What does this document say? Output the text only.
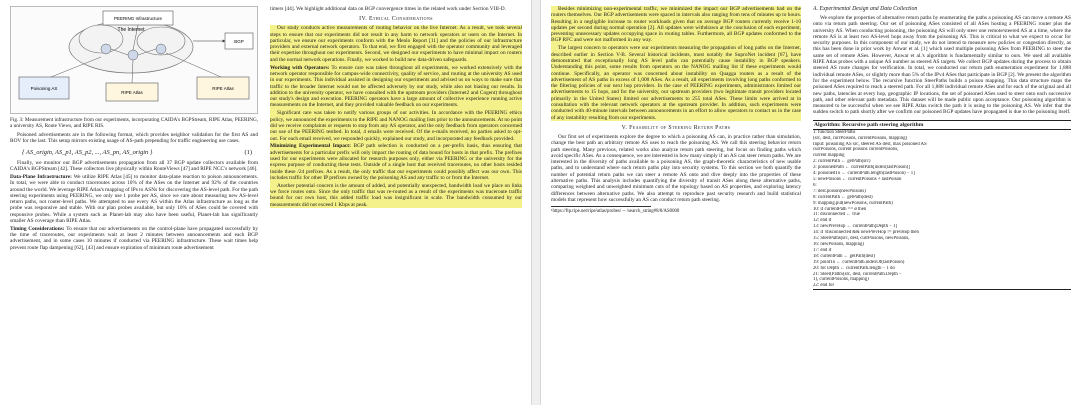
PEERING Infrastructure
The Internet
Poisoning AS
RIPE Atlas
RIPE Atlas
BGP
Fig. 3: Measurement infrastructure from our experiments, incorporating CAIDA's BGPStream, RIPE Atlas, PEERING, a university AS, Route Views, and RIPE RIS.

Poisoned advertisements are in the following format, which provides neighbor validation for the first AS and ROV for the last. This setup mirrors existing usage of AS-path prepending for traffic engineering use cases.

{ AS_origin, AS_p1, AS_p2, ..., AS_pn, AS_origin }	(1)

Finally, we monitor our BGP advertisements propagation from all 37 BGP update collectors available from CAIDA's BGPStream [42]. These collectors live physically within RouteViews [47] and RIPE NCC's network [46].

Data-Plane Infrastructure: We utilize RIPE Atlas [45] to monitor data-plane reaction to poison announcements. In total, we were able to conduct traceroutes across 10% of the ASes on the Internet and 92% of the countries around the world. We leverage RIPE Atlas's mapping of IPs to ASNs for discovering the AS-level path. For the path steering experiments using PEERING, we only use 1 probe per AS, since we care about measuring new AS-level return paths, not router-level paths. We attempted to use every AS within the Atlas infrastructure as long as the probe was responsive and stable. With our plan probes available, but only 10% of ASes could be covered with responsive probes. While a system such as Planet-lab may also have been useful, Planet-lab has significantly smaller AS coverage than RIPE Atlas.

Timing Considerations: To ensure that our advertisements on the control-plane have propagated successfully by the time of traceroutes, our experiments wait at least 2 minutes between announcements and each BGP advertisement, and in some cases 10 minutes if conducted via PEERING infrastructure. These wait times help prevent route flap dampening [62], [43] and ensure expiration of minimum route advertisement

timers [44]. We highlight additional data on BGP convergence times in the related work under Section VIII-D.

IV. Ethical Considerations

Our study conducts active measurements of routing behavior on the live Internet. As a result, we took several steps to ensure that our experiments did not result in any harm to network operators or users on the Internet. In particular, we ensure our experiments conform with the Menlo Report [11] and the policies of our infrastructure providers and external network operators. To that end, we first engaged with the operator community and leveraged their expertise throughout our experiments. Second, we designed our experiments to have minimal impact on routers and the normal network operations. Finally, we worked to build new data-driven safeguards.

Working with Operators: To ensure care was taken throughout all experiments, we worked extensively with the network operator responsible for campus-wide connectivity, quality of service, and routing at the university AS used in our experiments. This individual assisted in designing our experiments and advised us on ways to make sure that traffic to the broader Internet would not be affected adversely by our study, while also not biasing our results. In addition to the university operator, we have consulted with the upstream providers (Internet2 and Cogent) throughout our study's design and execution. PEERING operators have a large amount of collective experience running active measurements on the Internet, and they provided valuable feedback on our experiments.

Significant care was taken to notify various groups of our activities. In accordance with the PEERING ethics policy, we announced the experiments to the RIPE and NANOG mailing lists prior to the announcements. At no point did we receive complaints or requests to stop from any AS operator, and the only feedback from operators concerned our use of the PEERING testbed. In total, 4 emails were received. Of the e-mails received, no parties asked to opt-out. For each email received, we responded quickly, explained our study, and incorporated any feedback provided.

Minimizing Experimental Impact: BGP path selection is conducted on a per-prefix basis, thus ensuring that advertisements for a particular prefix will only impact the routing of data bound for hosts in that prefix. The prefixes used for our experiments were allocated for research purposes only, either via PEERING or the university for the express purpose of conducting these tests. Outside of a single host that received traceroutes, no other hosts resided inside these /24 prefixes. As a result, the only traffic that our experiments could possibly affect was our own. This includes traffic for other IP prefixes owned by the poisoning AS and any traffic to or from the Internet.

Another potential concern is the amount of added, and potentially unexpected, bandwidth load we place on links we force routes onto. Since the only traffic that was re-routed as a result of the experiments was traceroute traffic bound for our own host, this added traffic load was insignificant in scale. The bandwidth consumed by our measurements did not exceed 1 Kbps at peak.

Besides minimizing non-experimental traffic, we minimized the impact our BGP advertisements had on the routers themselves. Our BGP advertisements were spaced in intervals also ranging from tens of minutes up to hours. Resulting in a negligible increase to router workloads given that on average BGP routers currently receive 1-10 updates per second during normal operation [2]. All updates were withdrawn at the conclusion of each experiment, preventing unnecessary updates occupying space in routing tables. Furthermore, all BGP updates conformed to the BGP RFC and were not malformed in any way.

The largest concern to operators were our experiments measuring the propagation of long paths on the Internet, described earlier in Section V-B. Several historical incidents, most notably the SuproNet incident [67], have demonstrated that exceptionally long AS level paths can potentially cause instability in BGP speakers. Understanding this point, some results from operators on the NANOG mailing list if these experiments would continue. Specifically, an operator was concerned about instability on Quagga routers as a result of the advertisement of AS paths in excess of 1,000 ASes. As a result, all experiments involving long paths conformed to the filtering policies of our next hop providers. In the case of PEERING experiments, administrators limited our advertisements to 15 hops, and for the university, our upstream providers (two legitimate transit providers located primarily in the United States) limited our advertisements to 255 total ASes. These limits were arrived at in consultation with the relevant network operators at the upstream provider. In addition, such experiments were conducted with 40-minute intervals between announcements in an effort to allow operators to contact us in the case of any instability resulting from our experiments.

V. Feasibility of Steering Return Paths

Our first set of experiments explore the degree to which a poisoning AS can, in practice rather than simulation, change the best path an arbitrary remote AS uses to reach the poisoning AS. We call this steering behavior return path steering. Many previous, related works also analyze return path steering, but focus on finding paths which avoid specific ASes. As a consequence, we are interested in how many simply if an AS can steer return paths. We are interested in the diversity of paths available to a poisoning AS, the graph-theoretic characteristics of new usable paths, and to understand where such return paths play into security systems. To this section we both quantify the number of potential return paths we can steer a remote AS onto and dive deeply into the properties of these alternative paths. This analysis includes quantifying the diversity of transit ASes along these alternative paths, comparing weighted and unweighted minimum cuts of the topology based on AS properties, and exploring latency differences between alternative paths. We also attempt to reproduce past security research and build statistical models that represent how successfully an AS can conduct return path steering.

¹https://ftp.ripe.net/ripe/atlas/probes/ -- /search_string#8/8/AS0000
A. Experimental Design and Data Collection

We explore the properties of alternative return paths by enumerating the paths a poisoning AS can move a remote AS onto via return path steering. Our set of poisoning ASes consisted of all ASes hosting a PEERING router plus the university AS. When conducting poisoning, the poisoning AS will only steer one remote/steered AS at a time, where the remote AS is at least two AS-level hops away from the poisoning AS. This is critical to what we expect to occur for security purposes. In this component of our study, we do not intend to measure new policies or congestion directly, as this has been done in prior work by Anwar et al. [1] which used multiple poisoning ASes from PEERING to steer the same set of remote ASes. However, Anwar et al.'s algorithm is fundamentally similar to ours. We used all available RIPE Atlas probes with a unique AS number as steered AS targets. We collect BGP updates during the process to obtain steered AS route changes for verification. In total, we conducted our return path enumeration experiment for 1,888 individual remote ASes, or slightly more than 5% of the IPv4 ASes that participate in BGP [2]. We present the algorithm for the experiment below. The recursive function SteerPaths builds a poison mapping. This data structure maps the poisoned ASes required to reach a steered path. For all 1,888 individual remote ASes and for each of the original and all new paths, latencies at every hop, geographic IP locations, the set of poisoned ASes used to steer onto each successive path, and other relevant path metadata. This dataset will be made public upon acceptance. Our poisoning algorithm is measured to be successful when we see RIPE Atlas switch the path it is using to the poisoning AS. We infer that the sudden switch to path shortly after we confirm our poisoned BGP updates have propagated is due to the poisoning itself.

Algorithm: Recursive path steering algorithm
1: function SteerPaths
(src, dest, currPoisons, currentPoisons, mapping)
Input: poisoning AS src, steered AS dest, max poisoned AS
currPoisons, current poisons currentPoisons,
current mapping
2: currentPath ← getPath(src)
3: poisonedPath ← currentPath[index(lastPoison)]
4: poisonedTo ← currentPath.length(lastPoison) − 1]
5: newPoisons ← currentPoisons + lastPoison
6:
7: dest.poison(newPoisons)
8: currentPath ← getPath(dest)
9: mapping.put(newPoisons, currentPath)
10: if currentPath == ø then
11: disconnected ← true
12: end if
13: newPrevHop ← currentPath[Depth − 1]
14: if !disconnected && newPrevHop != prevHop then
15: SteerPaths(src, dest, currPoisons, newPoisons,
16: newPoisons, mapping)
17: end if
18: currentPath ← getPath(dest)
19: pointTo ← currentPath.indexOf(lastPoison)
20: for Depth ← currentPath.length − 1 do
21: Steer(PathS(src, dest, currentPath.Depth −
1), currentPoisons, mapping)
22: end for
